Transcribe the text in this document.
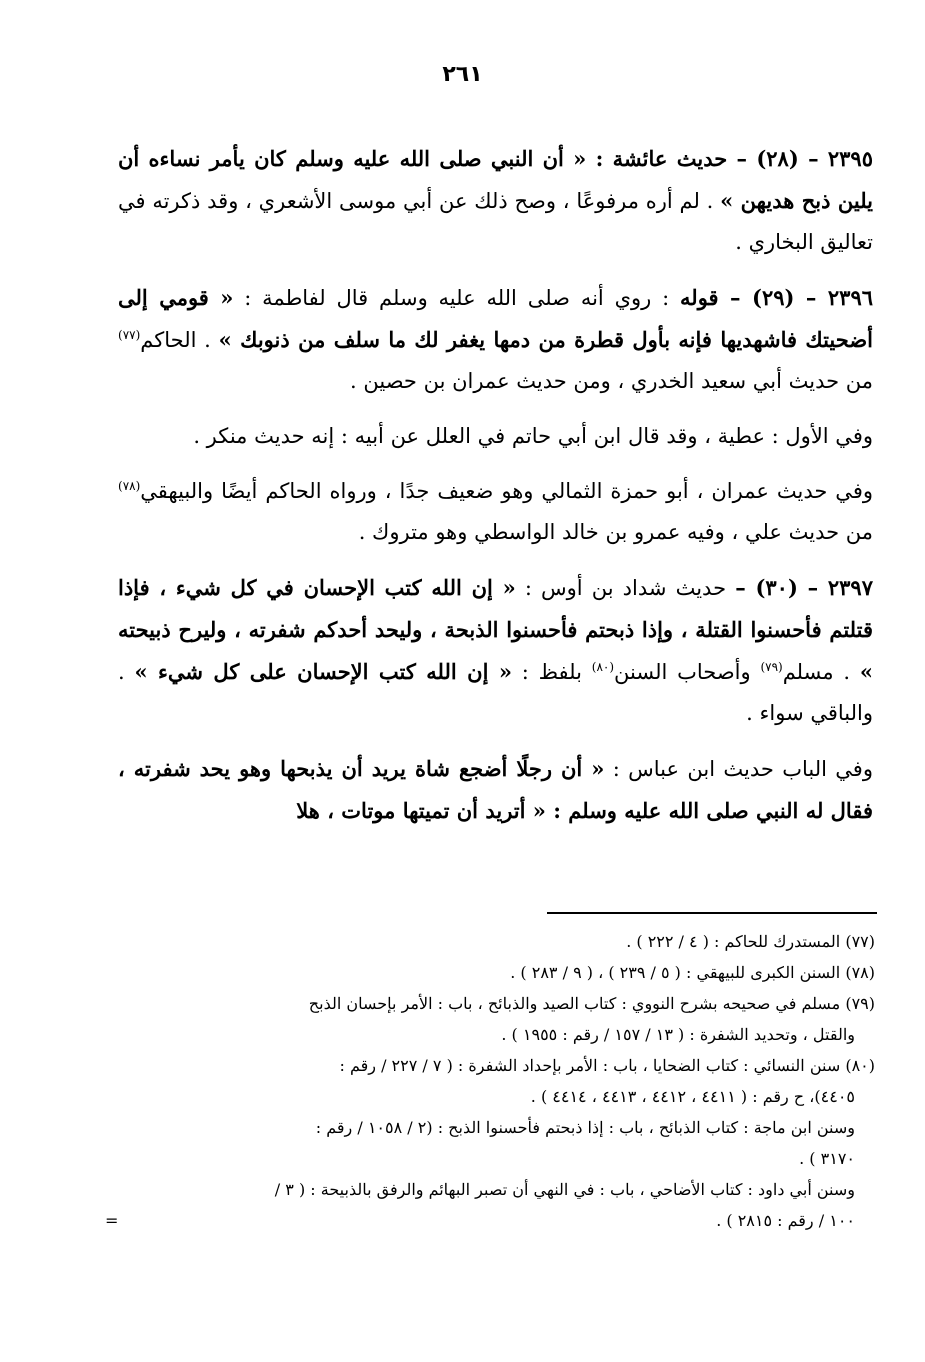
٢٦١

٢٣٩٥ – (٢٨) – حديث عائشة : « أن النبي صلى الله عليه وسلم كان يأمر نساءه أن يلين ذبح هديهن » . لم أره مرفوعًا ، وصح ذلك عن أبي موسى الأشعري ، وقد ذكرته في تعاليق البخاري .

٢٣٩٦ – (٢٩) – قوله : روي أنه صلى الله عليه وسلم قال لفاطمة : « قومي إلى أضحيتك فاشهديها فإنه بأول قطرة من دمها يغفر لك ما سلف من ذنوبك » . الحاكم$^{(٧٧)}$ من حديث أبي سعيد الخدري ، ومن حديث عمران بن حصين .

وفي الأول : عطية ، وقد قال ابن أبي حاتم في العلل عن أبيه : إنه حديث منكر .

وفي حديث عمران ، أبو حمزة الثمالي وهو ضعيف جدًا ، ورواه الحاكم أيضًا والبيهقي$^{(٧٨)}$ من حديث علي ، وفيه عمرو بن خالد الواسطي وهو متروك .

٢٣٩٧ – (٣٠) – حديث شداد بن أوس : « إن الله كتب الإحسان في كل شيء ، فإذا قتلتم فأحسنوا القتلة ، وإذا ذبحتم فأحسنوا الذبحة ، وليحد أحدكم شفرته ، وليرح ذبيحته » . مسلم$^{(٧٩)}$ وأصحاب السنن$^{(٨٠)}$ بلفظ : « إن الله كتب الإحسان على كل شيء » . والباقي سواء .

وفي الباب حديث ابن عباس : « أن رجلًا أضجع شاة يريد أن يذبحها وهو يحد شفرته ، فقال له النبي صلى الله عليه وسلم : « أتريد أن تميتها موتات ، هلا

(٧٧) المستدرك للحاكم : ( ٤ / ٢٢٢ ) .

(٧٨) السنن الكبرى للبيهقي : ( ٥ / ٢٣٩ ) ، ( ٩ / ٢٨٣ ) .

(٧٩) مسلم في صحيحه بشرح النووي : كتاب الصيد والذبائح ، باب : الأمر بإحسان الذبح

والقتل ، وتحديد الشفرة : ( ١٣ / ١٥٧ / رقم : ١٩٥٥ ) .

(٨٠) سنن النسائي : كتاب الضحايا ، باب : الأمر بإحداد الشفرة : ( ٧ / ٢٢٧ / رقم :

٤٤٠٥)، ح رقم : ( ٤٤١١ ، ٤٤١٢ ، ٤٤١٣ ، ٤٤١٤ ) .

وسنن ابن ماجة : كتاب الذبائح ، باب : إذا ذبحتم فأحسنوا الذبح : (٢ / ١٠٥٨ / رقم :

٣١٧٠ ) .

وسنن أبي داود : كتاب الأضاحي ، باب : في النهي أن تصبر البهائم والرفق بالذبيحة : ( ٣ /

١٠٠ / رقم : ٢٨١٥ ) .
=
